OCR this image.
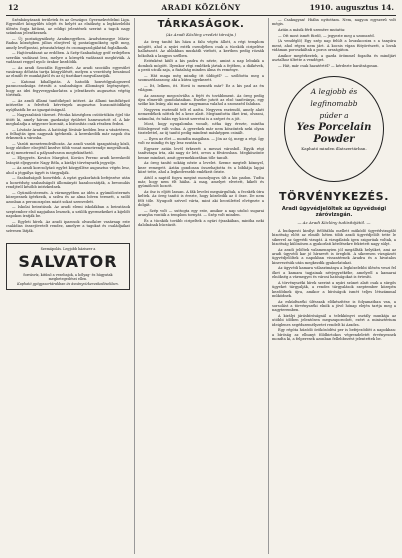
12	ARADI KÖZLÖNY	1910. augusztus 14.

Szénbányászati területek és az Országos Gyermekvédelmi Liga. Egyesület közgyűlés idejét és helyét az elnökség a legközelebbi ülésén fogja kitűzni, az eddigi jelentések szerint a tagok nagy számban jelentkeznek.

— Új postaügynökség Aradmegyében. Aradvármegye Mária-Radna községben július elsejével új postaügynökség nyílt meg, amely levélpostai, pénzutalványi és csomagszolgálattal foglalkozik.

— Hajtóvadászat az erdőben. A Szép-Szabadságy gróf erdejében szerdán vadászat lesz, melyre a környék vadászait meghívták. A vadászat reggel nyolc órakor kezdődik.

— Az aradi Szociális Egyesület. Az aradi szociális egyesület vasárnap délután tartja közgyűlését, melyen a vezetőség beszámol az elmúlt év munkájáról és az új tisztikart megválasztják.

— Katonai kihallgatás. A hatodik honvédgyalogezred parancsnoksága értesíti a szabadságos állományú legénységet, hogy az idei fegyvergyakorlatra a jelentkezés augusztus végéig történik.

— Az aradi állami tanítóképző intézet. Az állami tanítóképző intézetbe a felvételi kérvények augusztus huszonötödikéig nyújthatók be az igazgatóságnál.

— Nagyszabású tűzeset. Pécska községben csütörtökön éjjel tűz ütött ki, amely három gazdasági épületet hamvasztott el. A kár meghaladja a négyezer koronát, a biztosítás csak részben fedezi.

— Lóvásár Aradon. A hatósági lóvásár kedden lesz a vásártéren, a felhajtás igen nagynak ígérkezik. A kereskedők már napok óta érkeznek a városba.

— Vasúti menetrendváltozás. Az aradi vasúti igazgatóság közli, hogy október elsejétől kezdve több vonat menetrendje megváltozik, az új menetrend a pályaudvaron megtekinthető.

— Eljegyzés. Kovács Margitot, Kovács Ferenc aradi kereskedő leányát eljegyezte Nagy Béla, a királyi törvényszék jegyzője.

— Az aradi korcsolyázó egylet közgyűlése augusztus végén lesz, ahol a jégpálya ügyét is tárgyalják.

— Szabadságolt honvédek. A nyári gyakorlatok befejezése után a honvédség szabadságolt állományát hazabocsátják, a bevonulás rendjéről később intézkednek.

— Gyümölcstermés. A vármegyében az idén a gyümölcstermés közepesnek ígérkezik, a szilva és az alma bőven termett, a szőlő azonban a peronoszpóra miatt sokat szenvedett.

— Iskolai beiratások. Az aradi elemi iskolákban a beiratások szeptember első napjaiban lesznek, a szülők gyermekeiket a kijelölt napokon íratják be.

— Egyleti hírek. Az aradi iparosok olvasóköre vasárnap este családias összejövetelt rendez, amelyre a tagokat és családjaikat szívesen látják.

Szemápolás. Legjobb háziszer a
SALVATOR
forrásvíz, kitűnő a vesebajok, a hólyag- és húgyutak megbetegedései ellen.
Kapható gyógyszertárakban és ásványvízkereskedésekben.
TÁRKASÁGOK.
(Az Aradi Közlöny eredeti tárcája.)

Az öreg tanító kis háza a falu végén állott, a régi templom mögött, ahol a nyári esték csendjében csak a tücskök ciripelése hallatszott. Az ablakban muskátli virított, a kertben pedig rózsák bókoltak a langyos szélben.

Esténként kiült a kis padra és nézte, amint a nap lebukik a dombok mögött. Ilyenkor régi emlékek jártak a fejében, a diákévek, a pesti utcák zaja, a fiatalság minden álma és reménye.

— Hát maga még mindig itt üldögél? — szólította meg a szomszédasszony, aki a kútra igyekezett.

— Itt, lelkem, itt. Hová is mennék már? Ez a kis pad az én világom.

Az asszony megcsóválta a fejét és továbbment. Az öreg pedig újra elmerült gondolataiban. Eszébe jutott az első tanítványa, egy szőke kis leány, aki ma már nagymama valahol a szomszéd faluban.

Negyven esztendő telt el azóta. Negyven esztendő, amely alatt nemzedékek nőttek fel a keze alatt. Megtanította őket írni, olvasni, számolni, és talán egy kicsit szeretni is a szépet és a jót.

Most, hogy nyugalomba vonult, néha úgy érezte, mintha fölöslegessé vált volna. A gyerekek már nem köszöntek neki olyan tisztelettel, az új tanító pedig mindent másképpen csinált.

— Ilyen az élet — mondta magában. — Jön az új, megy a régi. Így volt ez mindig és így lesz ezután is.

Egyszer aztán levél érkezett a messzi városból. Egyik régi tanítványa írta, aki nagy úr lett, orvos a fővárosban. Megköszönte benne mindazt, amit gyermekkorában tőle tanult.

Az öreg tanító sokáig nézte a levelet. Szeme megtelt könnyel, keze remegett. Aztán gondosan összehajtotta és a bibliája lapjai közé tette, ahol a legkedvesebb emlékeit őrizte.

Attól a naptól fogva megint mosolyogva ült a kis padon. Tudta már, hogy nem élt hiába. A mag, amelyet elvetett, kikelt és gyümölcsöt hozott.

Az ősz is eljött lassan. A fák levelei megsárgultak, a fecskék útra keltek. Az öreg tanító is érezte, hogy közeledik az ő ősze. De nem félt tőle. Nyugodt szívvel várta, mint aki becsülettel elvégezte a dolgát.

— Szép volt — suttogta egy este, amikor a nap utolsó sugarai aranyba vonták a templom tornyát. — Szép volt minden.

És a tücskök tovább ciripeltek a nyári éjszakában, mintha neki dalolnának búcsúzót.

— Csakugyan! Hiába nyitottam. Nem, nagyon egyszerű volt mégis.

Aztán a másik férfi szemére mutatta:

— Ott most ismét fürdő, — jegyezte meg a szomszéd.

(A vendéglő) Egy szép nap felült a lovaskocsira s a tanyára ment, ahol régen nem járt. A kocsis vígan fütyörészett, a lovak vidáman poroszkáltak a poros országúton.

Amikor megérkeztek, a gazda örömmel fogadta és mindjárt asztalhoz ültette a vendéget.

— Hát, már csak hazatértél? — kérdezte barátságosan.

A legjobb és
legfinomabb
púder a
Yes Porcelain
Powder
Kapható minden illatszertárban.
TÖRVÉNYKEZÉS.
Aradi ügyvédjelöltek az ügyvédségi záróvizsgán.
— Az Aradi Közlöny tudósítójától. —

A budapesti királyi ítélőtábla mellett működő ügyvédvizsgáló bizottság előtt az elmúlt héten több aradi ügyvédjelölt tette le sikerrel az ügyvédi vizsgát. A vizsgálatok igen szigorúak voltak, a bizottság különösen a gyakorlati kérdésekre fektetett nagy súlyt.

Az aradi jelöltek valamennyien jól megállták helyüket, ami az aradi ügyvédi kar jó hírnevét is öregbíti. A sikeresen vizsgázott ügyvédjelöltek a napokban visszatérnek Aradra és a hivatalos kinevezésük után megkezdik gyakorlatukat.

Az ügyvédi kamara választmánya a legközelebbi ülésén veszi fel őket a kamara tagjainak névjegyzékébe, amelyről a kamarai elnökség a vármegyei és városi hatóságokat is értesíti.

A törvényszéki hírek szerint a nyári szünet alatt csak a sürgős ügyeket tárgyalják, a rendes tárgyalások szeptember közepén kezdődnek újra, amikor a bíróságok ismét teljes létszámmal működnek.

Az esküdtszéki ülésszak előkészítése is folyamatban van, a sorsolást a törvényszéki elnök a jövő hónap elején tartja meg a nagyteremben.

A királyi járásbíróságnál a telekkönyvi osztály munkája az utóbbi időben jelentősen megszaporodott, ezért a minisztérium ideiglenes segédszemélyzetet rendelt ki Aradra.

Egy régóta húzódó örökösödési per is befejeződött a napokban: a bíróság az elhunyt földbirtokos végrendeletét érvényesnek mondta ki, a felperesek azonban fellebbezést jelentettek be.
